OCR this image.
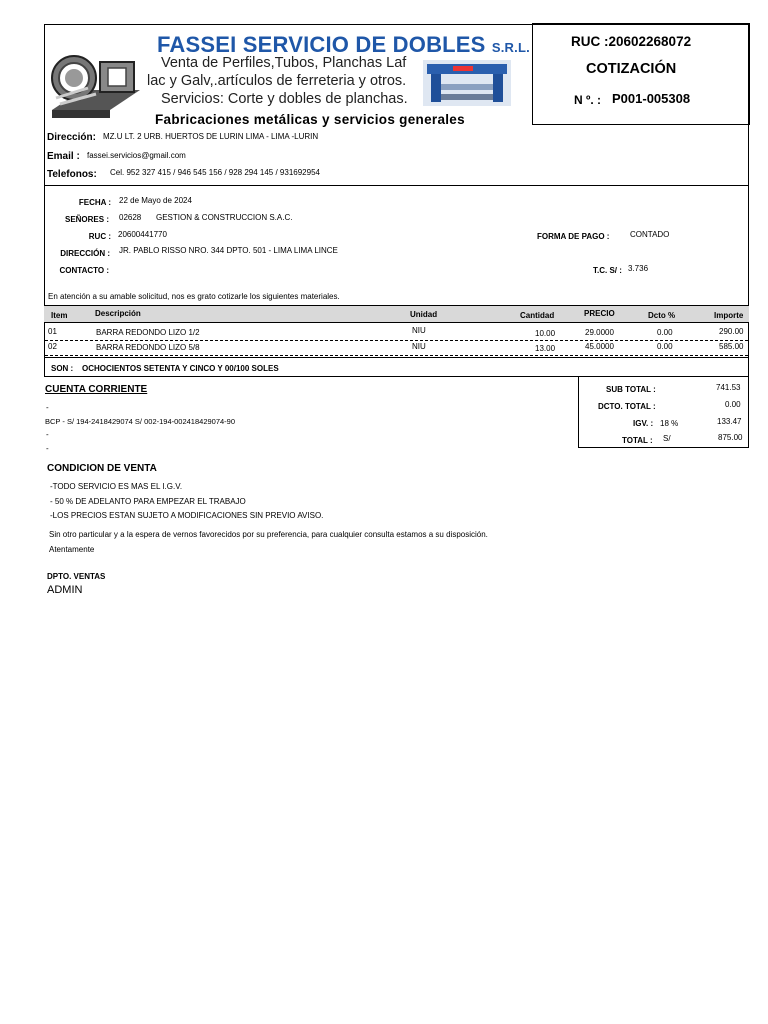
FASSEI SERVICIO DE DOBLES S.R.L.
Venta de Perfiles,Tubos, Planchas Laf
lac y Galv,.artículos de ferreteria y otros.
Servicios: Corte y dobles de planchas.
Fabricaciones metálicas y servicios generales
RUC :20602268072
COTIZACIÓN
N º. : P001-005308
Dirección: MZ.U LT. 2 URB. HUERTOS DE LURIN LIMA - LIMA -LURIN
Email : fassei.servicios@gmail.com
Telefonos: Cel. 952 327 415 / 946 545 156 / 928 294 145 / 931692954
FECHA : 22 de Mayo de 2024
SEÑORES : 02628 GESTION & CONSTRUCCION S.A.C.
RUC : 20600441770
DIRECCIÓN : JR. PABLO RISSO NRO. 344 DPTO. 501 - LIMA LIMA LINCE
CONTACTO :
FORMA DE PAGO :	CONTADO
T.C. S/ : 3.736
En atención a su amable solicitud, nos es grato cotizarle los siguientes materiales.
Item	Descripción	Unidad	Cantidad	PRECIO	Dcto %	Importe
01	BARRA REDONDO LIZO 1/2	NIU	10.00	29.0000	0.00	290.00
02	BARRA REDONDO LIZO 5/8	NIU	13.00	45.0000	0.00	585.00
SON : OCHOCIENTOS SETENTA Y CINCO Y 00/100 SOLES
CUENTA CORRIENTE
-
BCP - S/ 194-2418429074 S/ 002-194-002418429074-90
-
-
SUB TOTAL :	741.53
DCTO. TOTAL :	0.00
IGV. : 18 %	133.47
TOTAL : S/	875.00
CONDICION DE VENTA
-TODO SERVICIO ES MAS EL I.G.V.
- 50 % DE ADELANTO PARA EMPEZAR EL TRABAJO
-LOS PRECIOS ESTAN SUJETO A MODIFICACIONES SIN PREVIO AVISO.
Sin otro particular y a la espera de vernos favorecidos por su preferencia, para cualquier consulta estamos a su disposición.
Atentamente
DPTO. VENTAS
ADMIN
